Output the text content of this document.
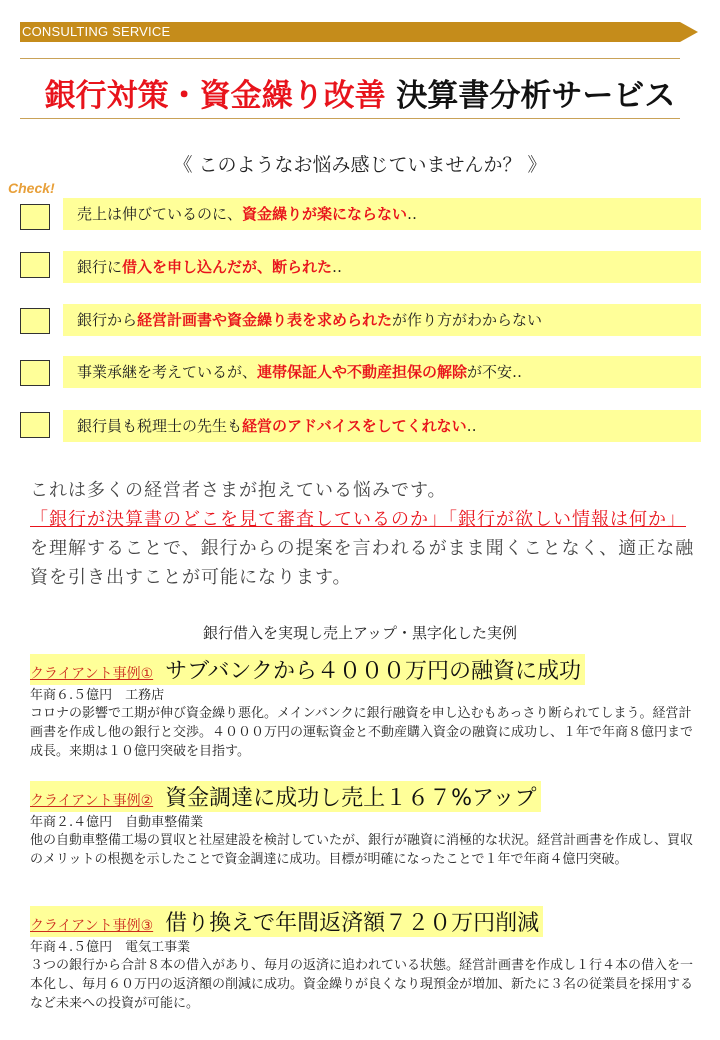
CONSULTING SERVICE
銀行対策・資金繰り改善 決算書分析サービス
《 このようなお悩み感じていませんか？ 》
Check!
売上は伸びているのに、資金繰りが楽にならない‥
銀行に借入を申し込んだが、断られた‥
銀行から経営計画書や資金繰り表を求められたが作り方がわからない
事業承継を考えているが、連帯保証人や不動産担保の解除が不安‥
銀行員も税理士の先生も経営のアドバイスをしてくれない‥
これは多くの経営者さまが抱えている悩みです。
「銀行が決算書のどこを見て審査しているのか」「銀行が欲しい情報は何か」を理解することで、銀行からの提案を言われるがまま聞くことなく、適正な融資を引き出すことが可能になります。
銀行借入を実現し売上アップ・黒字化した実例
クライアント事例① サブバンクから４０００万円の融資に成功
年商６.５億円　工務店
コロナの影響で工期が伸び資金繰り悪化。メインバンクに銀行融資を申し込むもあっさり断られてしまう。経営計画書を作成し他の銀行と交渉。４０００万円の運転資金と不動産購入資金の融資に成功し、１年で年商８億円まで成長。来期は１０億円突破を目指す。
クライアント事例② 資金調達に成功し売上１６７%アップ
年商２.４億円　自動車整備業
他の自動車整備工場の買収と社屋建設を検討していたが、銀行が融資に消極的な状況。経営計画書を作成し、買収のメリットの根拠を示したことで資金調達に成功。目標が明確になったことで１年で年商４億円突破。
クライアント事例③ 借り換えで年間返済額７２０万円削減
年商４.５億円　電気工事業
３つの銀行から合計８本の借入があり、毎月の返済に追われている状態。経営計画書を作成し１行４本の借入を一本化し、毎月６０万円の返済額の削減に成功。資金繰りが良くなり現預金が増加、新たに３名の従業員を採用するなど未来への投資が可能に。
